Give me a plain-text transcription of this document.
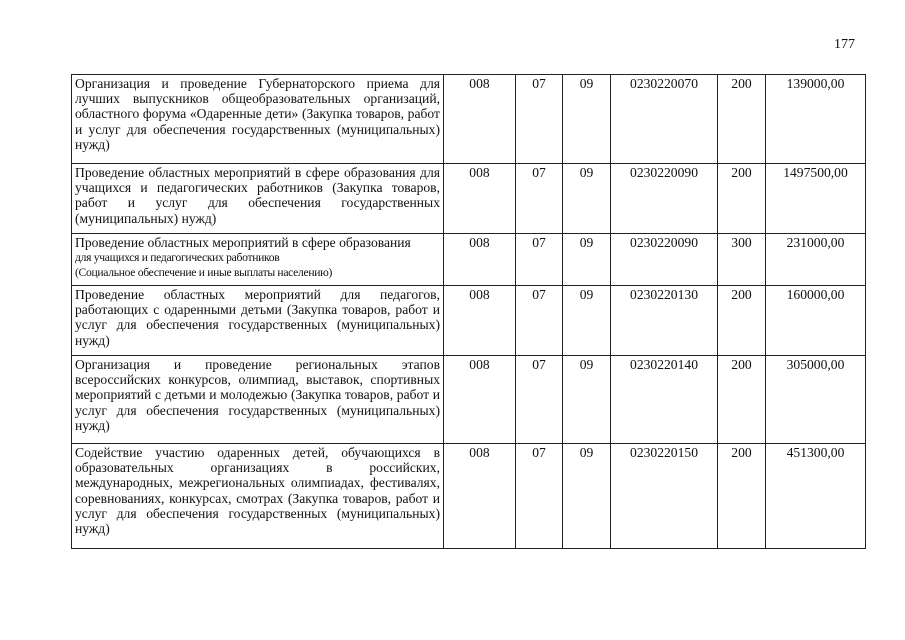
177
Организация и проведение Губернаторского приема для лучших выпускников общеобразовательных организаций, областного форума «Одаренные дети» (Закупка товаров, работ и услуг для обеспечения государственных (муниципальных) нужд)	008	07	09	0230220070	200	139000,00
Проведение областных мероприятий в сфере образования для учащихся и педагогических работников (Закупка товаров, работ и услуг для обеспечения государственных (муниципальных) нужд)	008	07	09	0230220090	200	1497500,00

Проведение областных мероприятий в сфере образования
для учащихся и педагогических работников
(Социальное обеспечение и иные выплаты населению)	008	07	09	0230220090	300	231000,00
Проведение областных мероприятий для педагогов, работающих с одаренными детьми (Закупка товаров, работ и услуг для обеспечения государственных (муниципальных) нужд)	008	07	09	0230220130	200	160000,00
Организация и проведение региональных этапов всероссийских конкурсов, олимпиад, выставок, спортивных мероприятий с детьми и молодежью (Закупка товаров, работ и услуг для обеспечения государственных (муниципальных) нужд)	008	07	09	0230220140	200	305000,00
Содействие участию одаренных детей, обучающихся в образовательных организациях в российских, международных, межрегиональных олимпиадах, фестивалях, соревнованиях, конкурсах, смотрах (Закупка товаров, работ и услуг для обеспечения государственных (муниципальных) нужд)	008	07	09	0230220150	200	451300,00
